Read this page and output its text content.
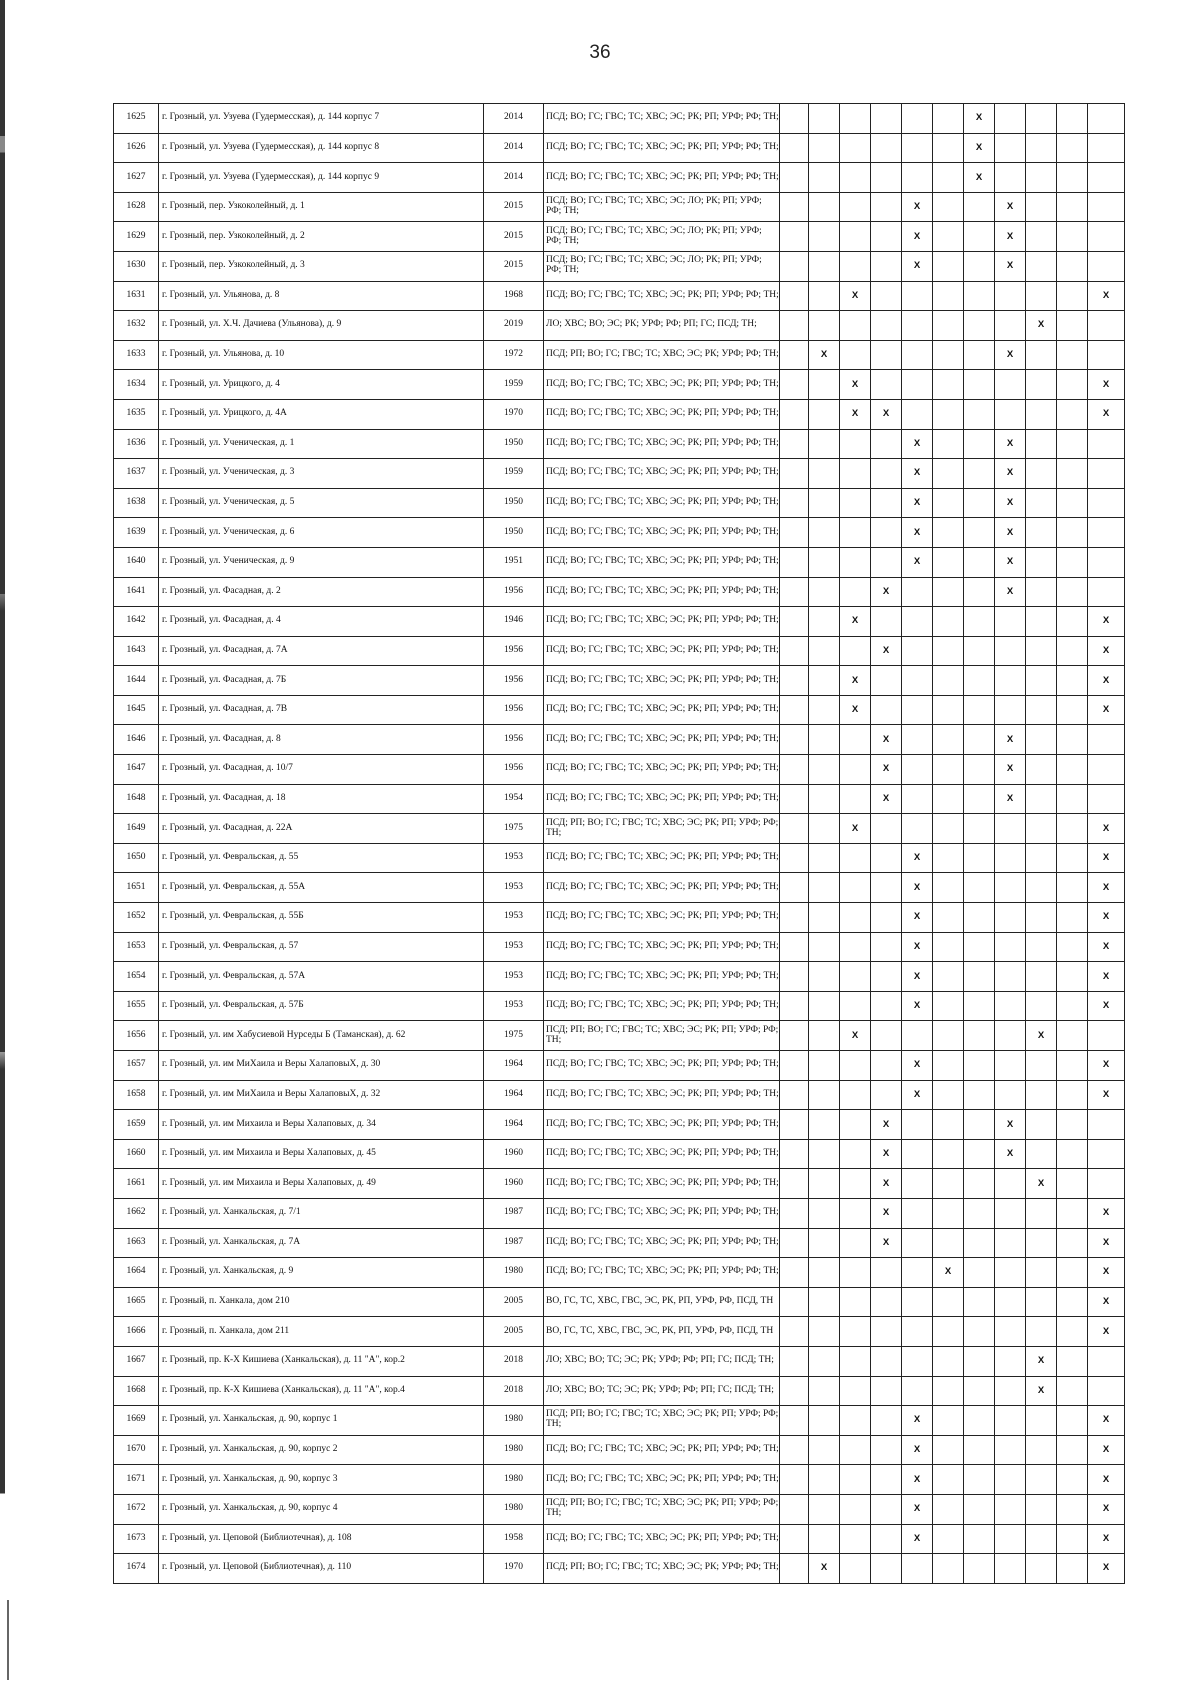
36
1625	г. Грозный, ул. Узуева (Гудермесская), д. 144 корпус 7	2014	ПСД; ВО; ГС; ГВС; ТС; ХВС; ЭС; РК; РП; УРФ; РФ; ТН;							X				
1626	г. Грозный, ул. Узуева (Гудермесская), д. 144 корпус 8	2014	ПСД; ВО; ГС; ГВС; ТС; ХВС; ЭС; РК; РП; УРФ; РФ; ТН;							X				
1627	г. Грозный, ул. Узуева (Гудермесская), д. 144 корпус 9	2014	ПСД; ВО; ГС; ГВС; ТС; ХВС; ЭС; РК; РП; УРФ; РФ; ТН;							X				
1628	г. Грозный, пер. Узкоколейный, д. 1	2015	ПСД; ВО; ГС; ГВС; ТС; ХВС; ЭС; ЛО; РК; РП; УРФ; РФ; ТН;					X			X			
1629	г. Грозный, пер. Узкоколейный, д. 2	2015	ПСД; ВО; ГС; ГВС; ТС; ХВС; ЭС; ЛО; РК; РП; УРФ; РФ; ТН;					X			X			
1630	г. Грозный, пер. Узкоколейный, д. 3	2015	ПСД; ВО; ГС; ГВС; ТС; ХВС; ЭС; ЛО; РК; РП; УРФ; РФ; ТН;					X			X			
1631	г. Грозный, ул. Ульянова, д. 8	1968	ПСД; ВО; ГС; ГВС; ТС; ХВС; ЭС; РК; РП; УРФ; РФ; ТН;			X								X
1632	г. Грозный, ул. Х.Ч. Дачиева (Ульянова), д. 9	2019	ЛО; ХВС; ВО; ЭС; РК; УРФ; РФ; РП; ГС; ПСД; ТН;									X		
1633	г. Грозный, ул. Ульянова, д. 10	1972	ПСД; РП; ВО; ГС; ГВС; ТС; ХВС; ЭС; РК; УРФ; РФ; ТН;		X						X			
1634	г. Грозный, ул. Урицкого, д. 4	1959	ПСД; ВО; ГС; ГВС; ТС; ХВС; ЭС; РК; РП; УРФ; РФ; ТН;			X								X
1635	г. Грозный, ул. Урицкого, д. 4А	1970	ПСД; ВО; ГС; ГВС; ТС; ХВС; ЭС; РК; РП; УРФ; РФ; ТН;			X	X							X
1636	г. Грозный, ул. Ученическая, д. 1	1950	ПСД; ВО; ГС; ГВС; ТС; ХВС; ЭС; РК; РП; УРФ; РФ; ТН;					X			X			
1637	г. Грозный, ул. Ученическая, д. 3	1959	ПСД; ВО; ГС; ГВС; ТС; ХВС; ЭС; РК; РП; УРФ; РФ; ТН;					X			X			
1638	г. Грозный, ул. Ученическая, д. 5	1950	ПСД; ВО; ГС; ГВС; ТС; ХВС; ЭС; РК; РП; УРФ; РФ; ТН;					X			X			
1639	г. Грозный, ул. Ученическая, д. 6	1950	ПСД; ВО; ГС; ГВС; ТС; ХВС; ЭС; РК; РП; УРФ; РФ; ТН;					X			X			
1640	г. Грозный, ул. Ученическая, д. 9	1951	ПСД; ВО; ГС; ГВС; ТС; ХВС; ЭС; РК; РП; УРФ; РФ; ТН;					X			X			
1641	г. Грозный, ул. Фасадная, д. 2	1956	ПСД; ВО; ГС; ГВС; ТС; ХВС; ЭС; РК; РП; УРФ; РФ; ТН;				X				X			
1642	г. Грозный, ул. Фасадная, д. 4	1946	ПСД; ВО; ГС; ГВС; ТС; ХВС; ЭС; РК; РП; УРФ; РФ; ТН;			X								X
1643	г. Грозный, ул. Фасадная, д. 7А	1956	ПСД; ВО; ГС; ГВС; ТС; ХВС; ЭС; РК; РП; УРФ; РФ; ТН;				X							X
1644	г. Грозный, ул. Фасадная, д. 7Б	1956	ПСД; ВО; ГС; ГВС; ТС; ХВС; ЭС; РК; РП; УРФ; РФ; ТН;			X								X
1645	г. Грозный, ул. Фасадная, д. 7В	1956	ПСД; ВО; ГС; ГВС; ТС; ХВС; ЭС; РК; РП; УРФ; РФ; ТН;			X								X
1646	г. Грозный, ул. Фасадная, д. 8	1956	ПСД; ВО; ГС; ГВС; ТС; ХВС; ЭС; РК; РП; УРФ; РФ; ТН;				X				X			
1647	г. Грозный, ул. Фасадная, д. 10/7	1956	ПСД; ВО; ГС; ГВС; ТС; ХВС; ЭС; РК; РП; УРФ; РФ; ТН;				X				X			
1648	г. Грозный, ул. Фасадная, д. 18	1954	ПСД; ВО; ГС; ГВС; ТС; ХВС; ЭС; РК; РП; УРФ; РФ; ТН;				X				X			
1649	г. Грозный, ул. Фасадная, д. 22А	1975	ПСД; РП; ВО; ГС; ГВС; ТС; ХВС; ЭС; РК; РП; УРФ; РФ; ТН;			X								X
1650	г. Грозный, ул. Февральская, д. 55	1953	ПСД; ВО; ГС; ГВС; ТС; ХВС; ЭС; РК; РП; УРФ; РФ; ТН;					X						X
1651	г. Грозный, ул. Февральская, д. 55А	1953	ПСД; ВО; ГС; ГВС; ТС; ХВС; ЭС; РК; РП; УРФ; РФ; ТН;					X						X
1652	г. Грозный, ул. Февральская, д. 55Б	1953	ПСД; ВО; ГС; ГВС; ТС; ХВС; ЭС; РК; РП; УРФ; РФ; ТН;					X						X
1653	г. Грозный, ул. Февральская, д. 57	1953	ПСД; ВО; ГС; ГВС; ТС; ХВС; ЭС; РК; РП; УРФ; РФ; ТН;					X						X
1654	г. Грозный, ул. Февральская, д. 57А	1953	ПСД; ВО; ГС; ГВС; ТС; ХВС; ЭС; РК; РП; УРФ; РФ; ТН;					X						X
1655	г. Грозный, ул. Февральская, д. 57Б	1953	ПСД; ВО; ГС; ГВС; ТС; ХВС; ЭС; РК; РП; УРФ; РФ; ТН;					X						X
1656	г. Грозный, ул. им Хабусиевой Нурседы Б (Таманская), д. 62	1975	ПСД; РП; ВО; ГС; ГВС; ТС; ХВС; ЭС; РК; РП; УРФ; РФ; ТН;			X						X		
1657	г. Грозный, ул. им МиХаила и Веры ХалаповыХ, д. 30	1964	ПСД; ВО; ГС; ГВС; ТС; ХВС; ЭС; РК; РП; УРФ; РФ; ТН;					X						X
1658	г. Грозный, ул. им МиХаила и Веры ХалаповыХ, д. 32	1964	ПСД; ВО; ГС; ГВС; ТС; ХВС; ЭС; РК; РП; УРФ; РФ; ТН;					X						X
1659	г. Грозный, ул. им Михаила и Веры Халаповых, д. 34	1964	ПСД; ВО; ГС; ГВС; ТС; ХВС; ЭС; РК; РП; УРФ; РФ; ТН;				X				X			
1660	г. Грозный, ул. им Михаила и Веры Халаповых, д. 45	1960	ПСД; ВО; ГС; ГВС; ТС; ХВС; ЭС; РК; РП; УРФ; РФ; ТН;				X				X			
1661	г. Грозный, ул. им Михаила и Веры Халаповых, д. 49	1960	ПСД; ВО; ГС; ГВС; ТС; ХВС; ЭС; РК; РП; УРФ; РФ; ТН;				X					X		
1662	г. Грозный, ул. Ханкальская, д. 7/1	1987	ПСД; ВО; ГС; ГВС; ТС; ХВС; ЭС; РК; РП; УРФ; РФ; ТН;				X							X
1663	г. Грозный, ул. Ханкальская, д. 7А	1987	ПСД; ВО; ГС; ГВС; ТС; ХВС; ЭС; РК; РП; УРФ; РФ; ТН;				X							X
1664	г. Грозный, ул. Ханкальская, д. 9	1980	ПСД; ВО; ГС; ГВС; ТС; ХВС; ЭС; РК; РП; УРФ; РФ; ТН;						X					X
1665	г. Грозный, п. Ханкала, дом 210	2005	ВО, ГС, ТС, ХВС, ГВС, ЭС, РК, РП, УРФ, РФ, ПСД, ТН											X
1666	г. Грозный, п. Ханкала, дом 211	2005	ВО, ГС, ТС, ХВС, ГВС, ЭС, РК, РП, УРФ, РФ, ПСД, ТН											X
1667	г. Грозный, пр. К-Х Кишиева (Ханкальская), д. 11 "А", кор.2	2018	ЛО; ХВС; ВО; ТС; ЭС; РК; УРФ; РФ; РП; ГС; ПСД; ТН;									X		
1668	г. Грозный, пр. К-Х Кишиева (Ханкальская), д. 11 "А", кор.4	2018	ЛО; ХВС; ВО; ТС; ЭС; РК; УРФ; РФ; РП; ГС; ПСД; ТН;									X		
1669	г. Грозный, ул. Ханкальская, д. 90, корпус 1	1980	ПСД; РП; ВО; ГС; ГВС; ТС; ХВС; ЭС; РК; РП; УРФ; РФ; ТН;					X						X
1670	г. Грозный, ул. Ханкальская, д. 90, корпус 2	1980	ПСД; ВО; ГС; ГВС; ТС; ХВС; ЭС; РК; РП; УРФ; РФ; ТН;					X						X
1671	г. Грозный, ул. Ханкальская, д. 90, корпус 3	1980	ПСД; ВО; ГС; ГВС; ТС; ХВС; ЭС; РК; РП; УРФ; РФ; ТН;					X						X
1672	г. Грозный, ул. Ханкальская, д. 90, корпус 4	1980	ПСД; РП; ВО; ГС; ГВС; ТС; ХВС; ЭС; РК; РП; УРФ; РФ; ТН;					X						X
1673	г. Грозный, ул. Цеповой (Библиотечная), д. 108	1958	ПСД; ВО; ГС; ГВС; ТС; ХВС; ЭС; РК; РП; УРФ; РФ; ТН;					X						X
1674	г. Грозный, ул. Цеповой (Библиотечная), д. 110	1970	ПСД; РП; ВО; ГС; ГВС; ТС; ХВС; ЭС; РК; УРФ; РФ; ТН;		X									X
